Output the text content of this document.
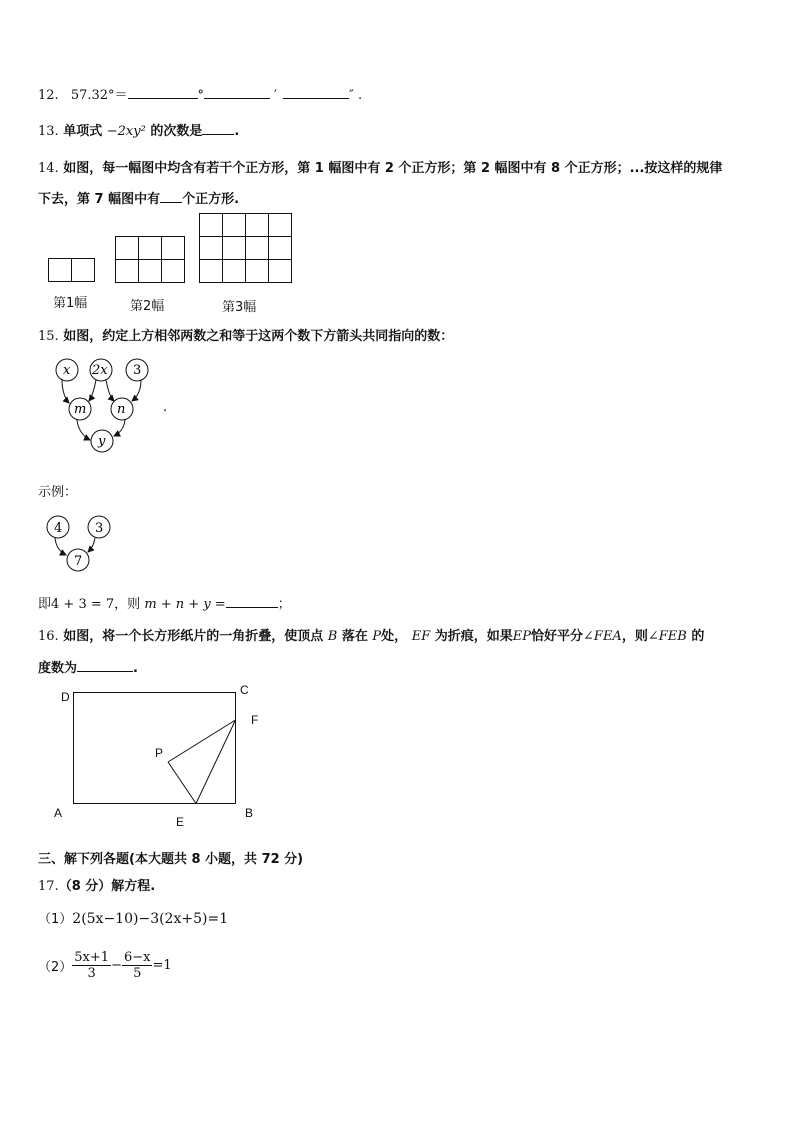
12. 57.32°＝	°	′	″ .
13. 单项式 −2xy² 的次数是 .
14. 如图，每一幅图中均含有若干个正方形，第 1 幅图中有 2 个正方形；第 2 幅图中有 8 个正方形；...按这样的规律
下去，第 7 幅图中有 个正方形.
第1幅	第2幅	第3幅
15. 如图，约定上方相邻两数之和等于这两个数下方箭头共同指向的数：
x 2x 3
m n
y
.
示例：
4	3
7
即4 + 3 = 7，则 m + n + y =	；
16. 如图，将一个长方形纸片的一角折叠，使顶点 B 落在 P处， EF 为折痕，如果EP恰好平分∠FEA，则∠FEB 的
度数为	.
D	C
F
P
A	B
E
三、解下列各题(本大题共 8 小题，共 72 分)
17.（8 分）解方程.
（1）2(5x−10)−3(2x+5)=1
$(2) \frac{5x+1}{3} - \frac{6-x}{5} =1$
